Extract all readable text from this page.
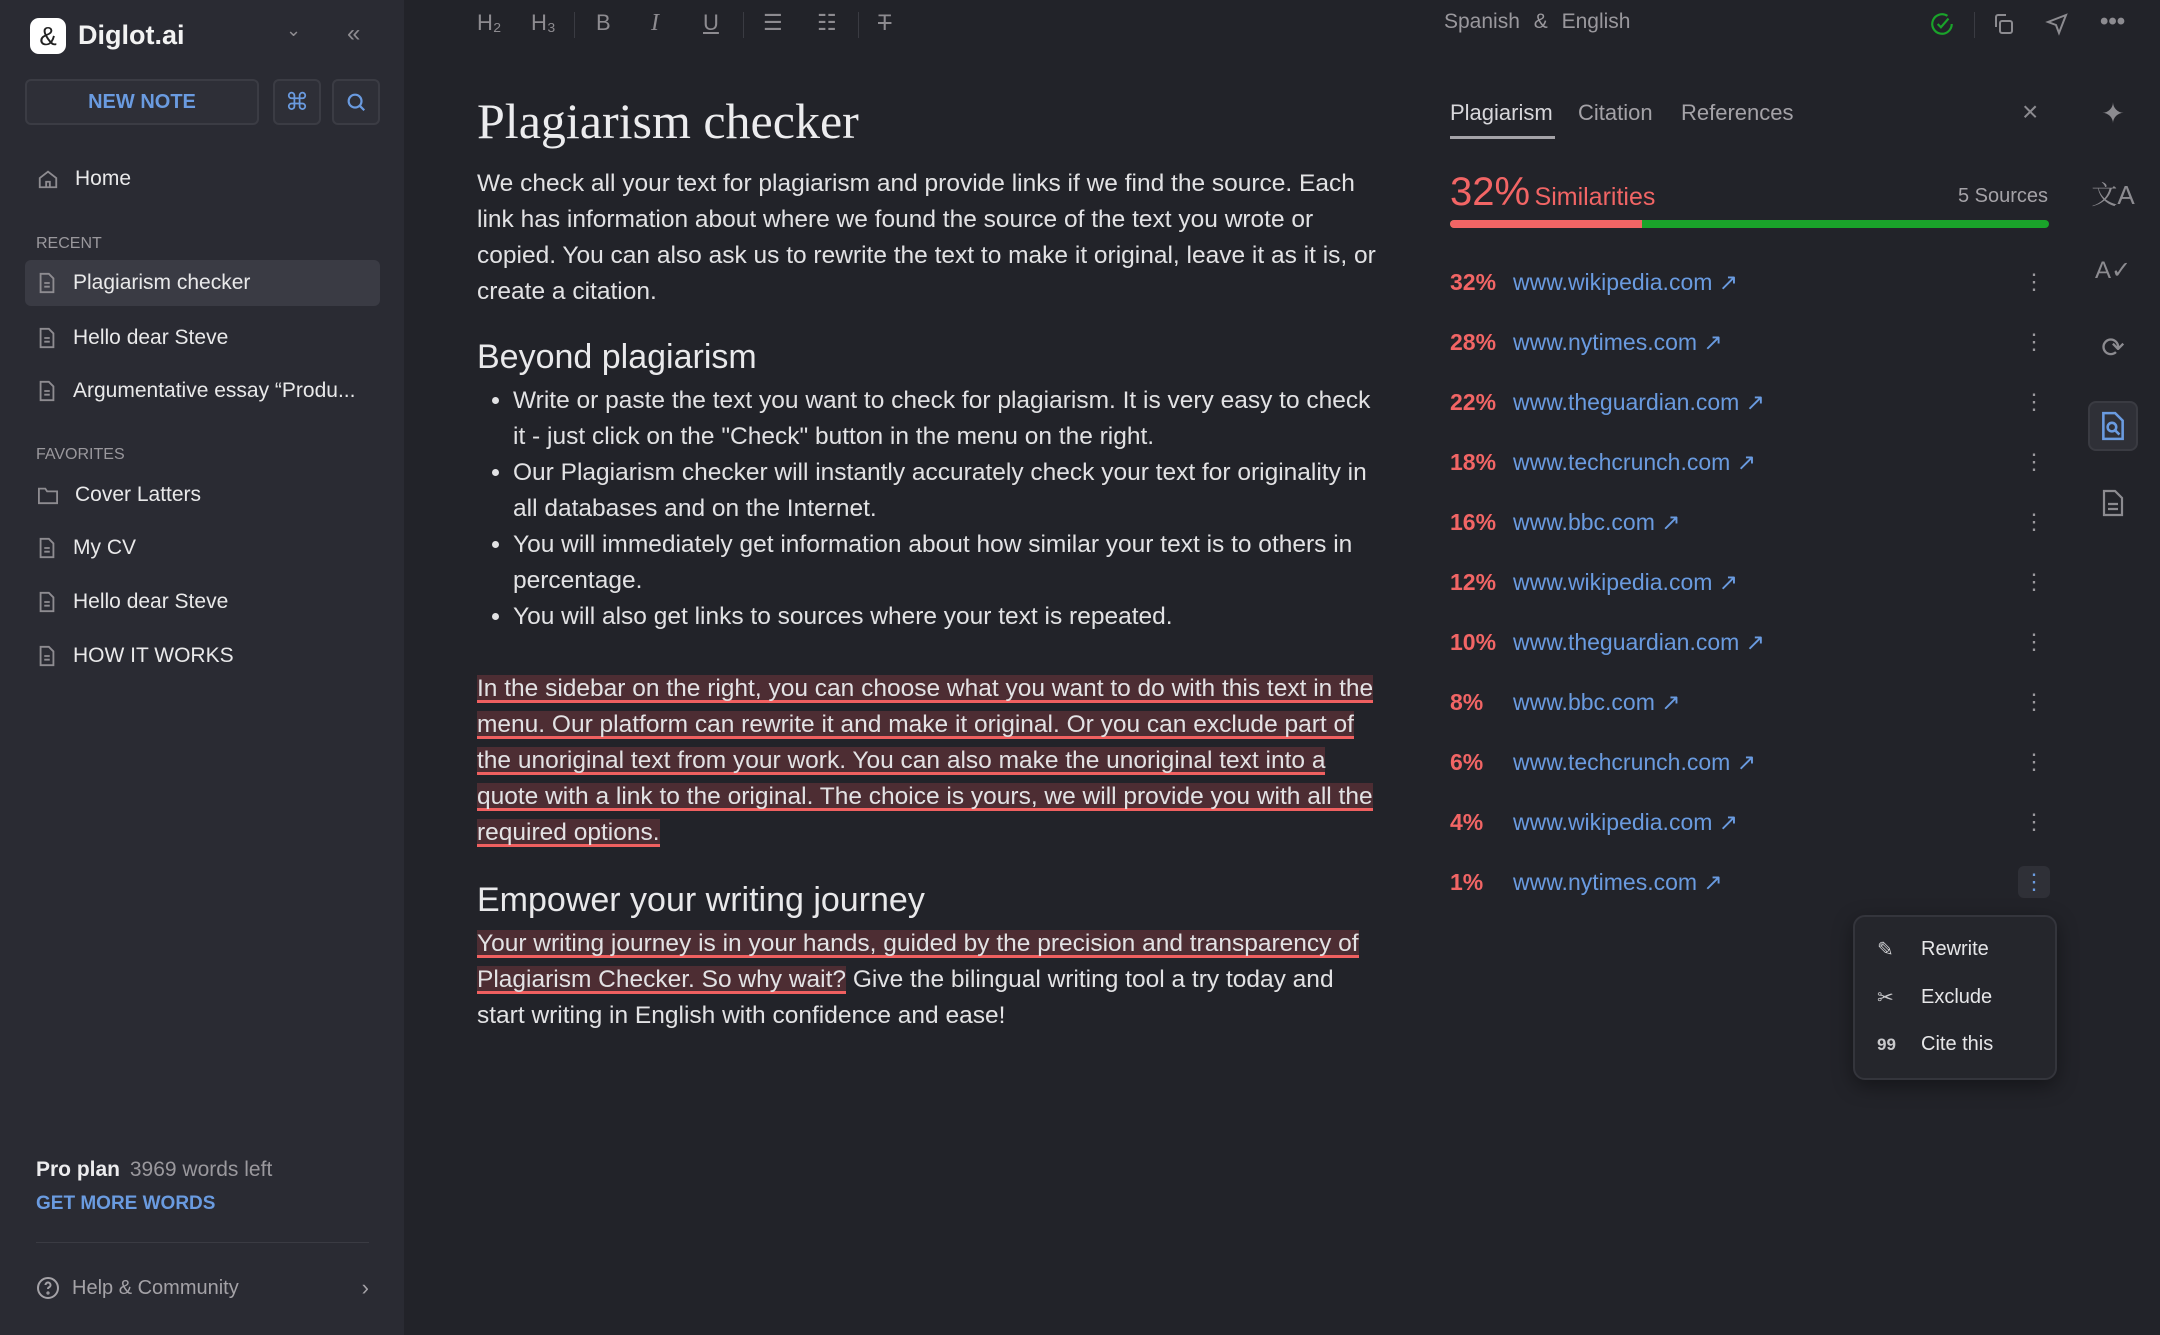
& Diglot.ai	⌄ «
NEW NOTE	⌘
Home
RECENT
Plagiarism checker
Hello dear Steve
Argumentative essay “Produ...
FAVORITES
Cover Latters
My CV
Hello dear Steve
HOW IT WORKS
Pro plan 3969 words left
GET MORE WORDS
Help & Community	›
H₂ H₃ B I U ☰ ☷ T	Spanish & English	•••
Plagiarism checker

We check all your text for plagiarism and provide links if we find the source. Each link has information about where we found the source of the text you wrote or copied. You can also ask us to rewrite the text to make it original, leave it as it is, or create a citation.

Beyond plagiarism
• Write or paste the text you want to check for plagiarism. It is very easy to check it - just click on the "Check" button in the menu on the right.
• Our Plagiarism checker will instantly accurately check your text for originality in all databases and on the Internet.
• You will immediately get information about how similar your text is to others in percentage.
• You will also get links to sources where your text is repeated.

In the sidebar on the right, you can choose what you want to do with this text in the menu. Our platform can rewrite it and make it original. Or you can exclude part of the unoriginal text from your work. You can also make the unoriginal text into a quote with a link to the original. The choice is yours, we will provide you with all the required options.

Empower your writing journey

Your writing journey is in your hands, guided by the precision and transparency of Plagiarism Checker. So why wait? Give the bilingual writing tool a try today and start writing in English with confidence and ease!

Plagiarism Citation References	×
32% Similarities	5 Sources
32% www.wikipedia.com ↗	⋮
28% www.nytimes.com ↗	⋮
22% www.theguardian.com ↗	⋮
18% www.techcrunch.com ↗	⋮
16% www.bbc.com ↗	⋮
12% www.wikipedia.com ↗	⋮
10% www.theguardian.com ↗	⋮
8%	www.bbc.com ↗	⋮
6%	www.techcrunch.com ↗	⋮
4%	www.wikipedia.com ↗	⋮
1%	www.nytimes.com ↗	⋮
✎	Rewrite
✂	Exclude
99	Cite this
✦
文A
A✓
⟳
